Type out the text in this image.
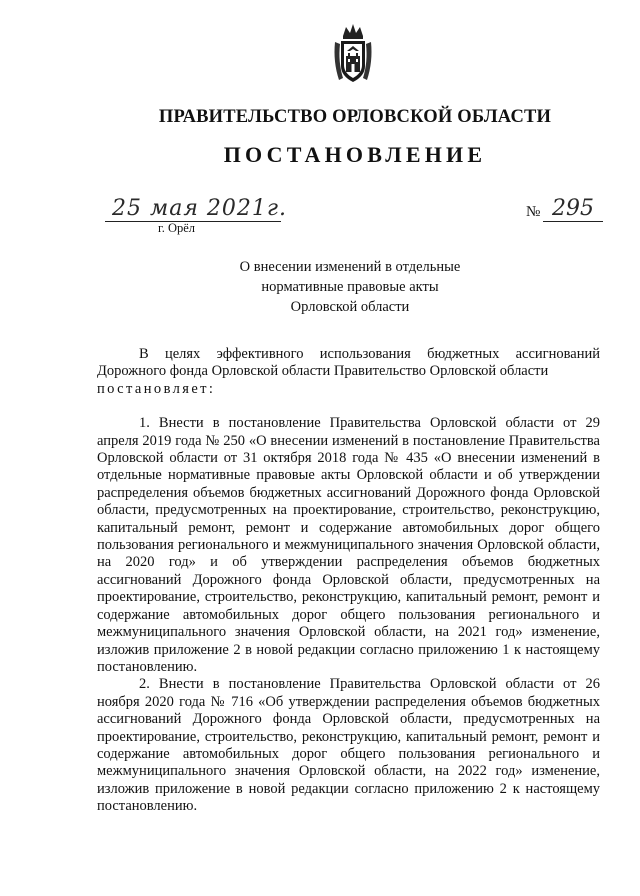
ПРАВИТЕЛЬСТВО ОРЛОВСКОЙ ОБЛАСТИ
ПОСТАНОВЛЕНИЕ
25 мая 2021г.
г. Орёл
№ 295
О внесении изменений в отдельные
нормативные правовые акты
Орловской области

В целях эффективного использования бюджетных ассигнований Дорожного фонда Орловской области Правительство Орловской области
постановляет:

1. Внести в постановление Правительства Орловской области от 29 апреля 2019 года № 250 «О внесении изменений в постановление Правительства Орловской области от 31 октября 2018 года № 435 «О внесении изменений в отдельные нормативные правовые акты Орловской области и об утверждении распределения объемов бюджетных ассигнований Дорожного фонда Орловской области, предусмотренных на проектирование, строительство, реконструкцию, капитальный ремонт, ремонт и содержание автомобильных дорог общего пользования регионального и межмуниципального значения Орловской области, на 2020 год» и об утверждении распределения объемов бюджетных ассигнований Дорожного фонда Орловской области, предусмотренных на проектирование, строительство, реконструкцию, капитальный ремонт, ремонт и содержание автомобильных дорог общего пользования регионального и межмуниципального значения Орловской области, на 2021 год» изменение, изложив приложение 2 в новой редакции согласно приложению 1 к настоящему постановлению.

2. Внести в постановление Правительства Орловской области от 26 ноября 2020 года № 716 «Об утверждении распределения объемов бюджетных ассигнований Дорожного фонда Орловской области, предусмотренных на проектирование, строительство, реконструкцию, капитальный ремонт, ремонт и содержание автомобильных дорог общего пользования регионального и межмуниципального значения Орловской области, на 2022 год» изменение, изложив приложение в новой редакции согласно приложению 2 к настоящему постановлению.
